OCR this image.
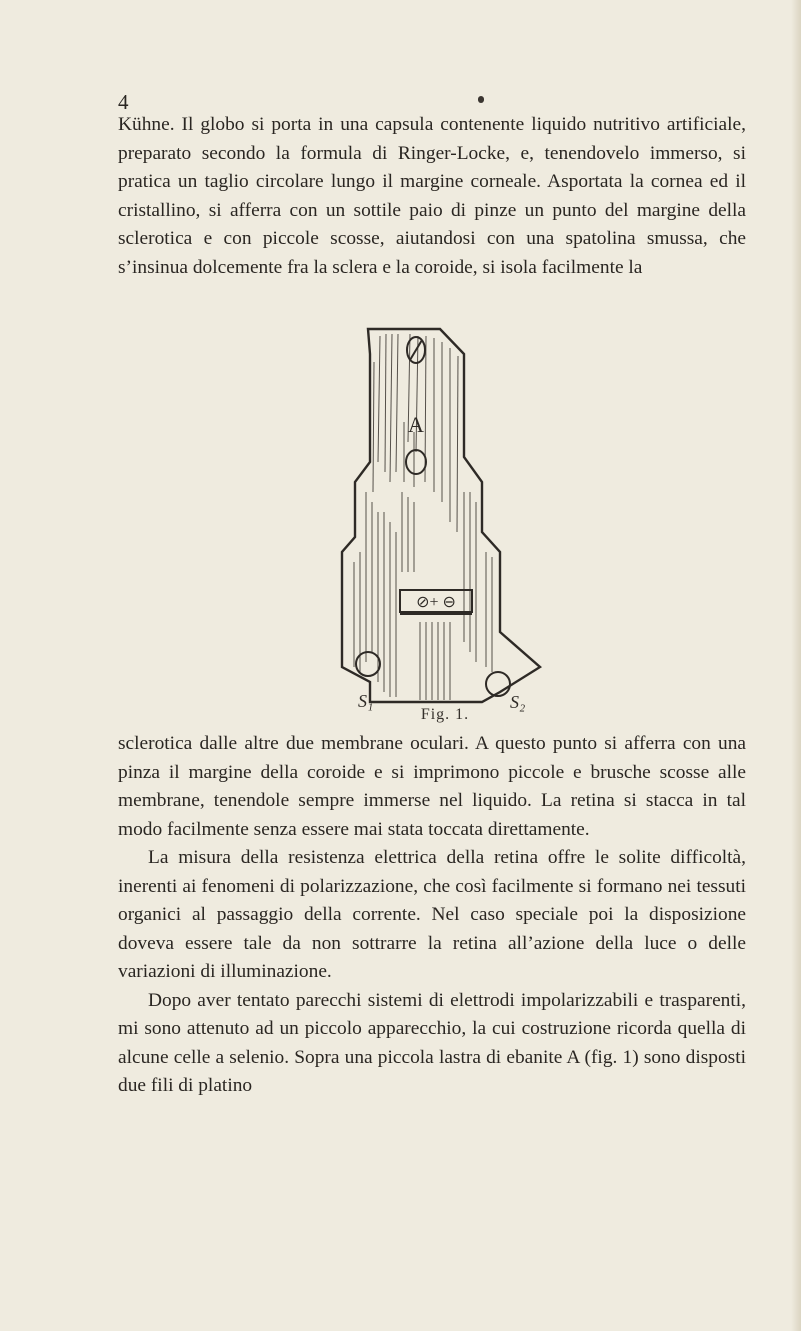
4

Kühne. Il globo si porta in una capsula contenente liquido nutritivo artificiale, preparato secondo la formula di Ringer-Locke, e, tenendovelo immerso, si pratica un taglio circolare lungo il margine corneale. Asportata la cornea ed il cristallino, si afferra con un sottile paio di pinze un punto del margine della sclerotica e con piccole scosse, aiutandosi con una spatolina smussa, che s’insinua dolcemente fra la sclera e la coroide, si isola facilmente la

A
⊘+ ⊖
S₁	S₂
Fig. 1.

sclerotica dalle altre due membrane oculari. A questo punto si afferra con una pinza il margine della coroide e si imprimono piccole e brusche scosse alle membrane, tenendole sempre immerse nel liquido. La retina si stacca in tal modo facilmente senza essere mai stata toccata direttamente.

La misura della resistenza elettrica della retina offre le solite difficoltà, inerenti ai fenomeni di polarizzazione, che così facilmente si formano nei tessuti organici al passaggio della corrente. Nel caso speciale poi la disposizione doveva essere tale da non sottrarre la retina all’azione della luce o delle variazioni di illuminazione.

Dopo aver tentato parecchi sistemi di elettrodi impolarizzabili e trasparenti, mi sono attenuto ad un piccolo apparecchio, la cui costruzione ricorda quella di alcune celle a selenio. Sopra una piccola lastra di ebanite A (fig. 1) sono disposti due fili di platino
